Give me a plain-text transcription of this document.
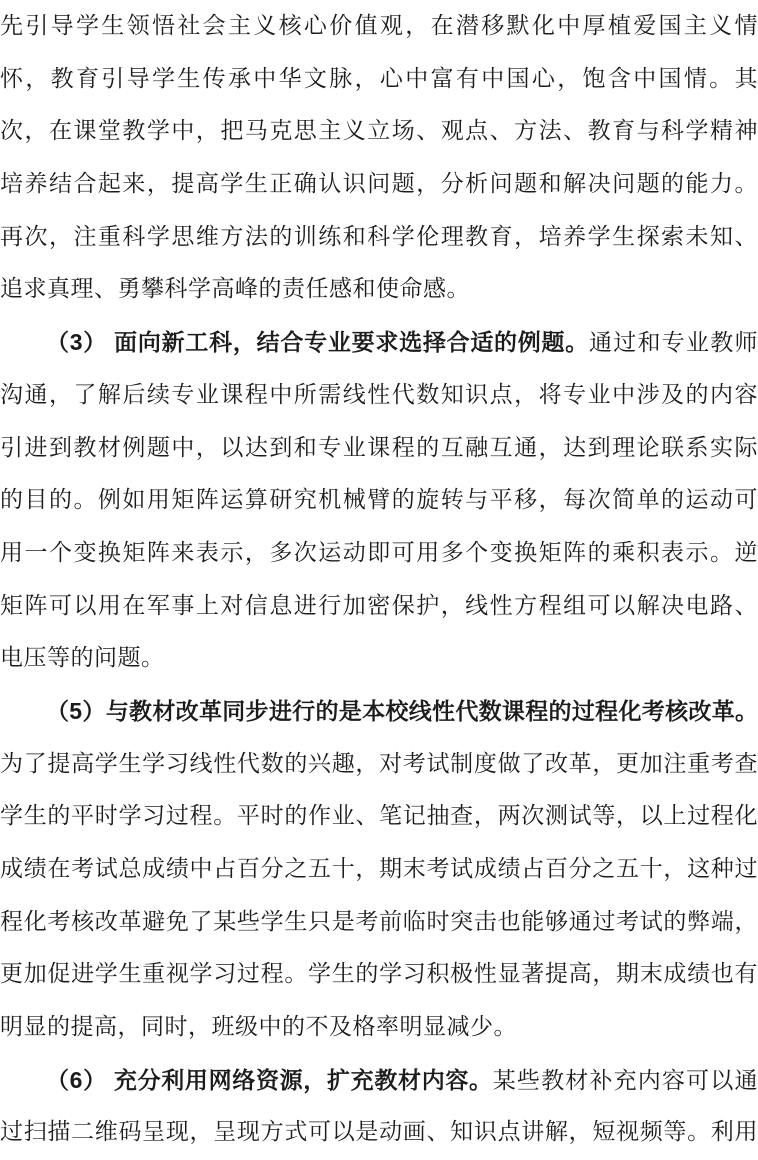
先引导学生领悟社会主义核心价值观，在潜移默化中厚植爱国主义情
怀，教育引导学生传承中华文脉，心中富有中国心，饱含中国情。其
次，在课堂教学中，把马克思主义立场、观点、方法、教育与科学精神
培养结合起来，提高学生正确认识问题，分析问题和解决问题的能力。
再次，注重科学思维方法的训练和科学伦理教育，培养学生探索未知、
追求真理、勇攀科学高峰的责任感和使命感。
（3） 面向新工科，结合专业要求选择合适的例题。通过和专业教师
沟通，了解后续专业课程中所需线性代数知识点，将专业中涉及的内容
引进到教材例题中，以达到和专业课程的互融互通，达到理论联系实际
的目的。例如用矩阵运算研究机械臂的旋转与平移，每次简单的运动可
用一个变换矩阵来表示，多次运动即可用多个变换矩阵的乘积表示。逆
矩阵可以用在军事上对信息进行加密保护，线性方程组可以解决电路、
电压等的问题。
（5）与教材改革同步进行的是本校线性代数课程的过程化考核改革。
为了提高学生学习线性代数的兴趣，对考试制度做了改革，更加注重考查
学生的平时学习过程。平时的作业、笔记抽查，两次测试等，以上过程化
成绩在考试总成绩中占百分之五十，期末考试成绩占百分之五十，这种过
程化考核改革避免了某些学生只是考前临时突击也能够通过考试的弊端，
更加促进学生重视学习过程。学生的学习积极性显著提高，期末成绩也有
明显的提高，同时，班级中的不及格率明显减少。
（6） 充分利用网络资源，扩充教材内容。某些教材补充内容可以通
过扫描二维码呈现，呈现方式可以是动画、知识点讲解，短视频等。利用
